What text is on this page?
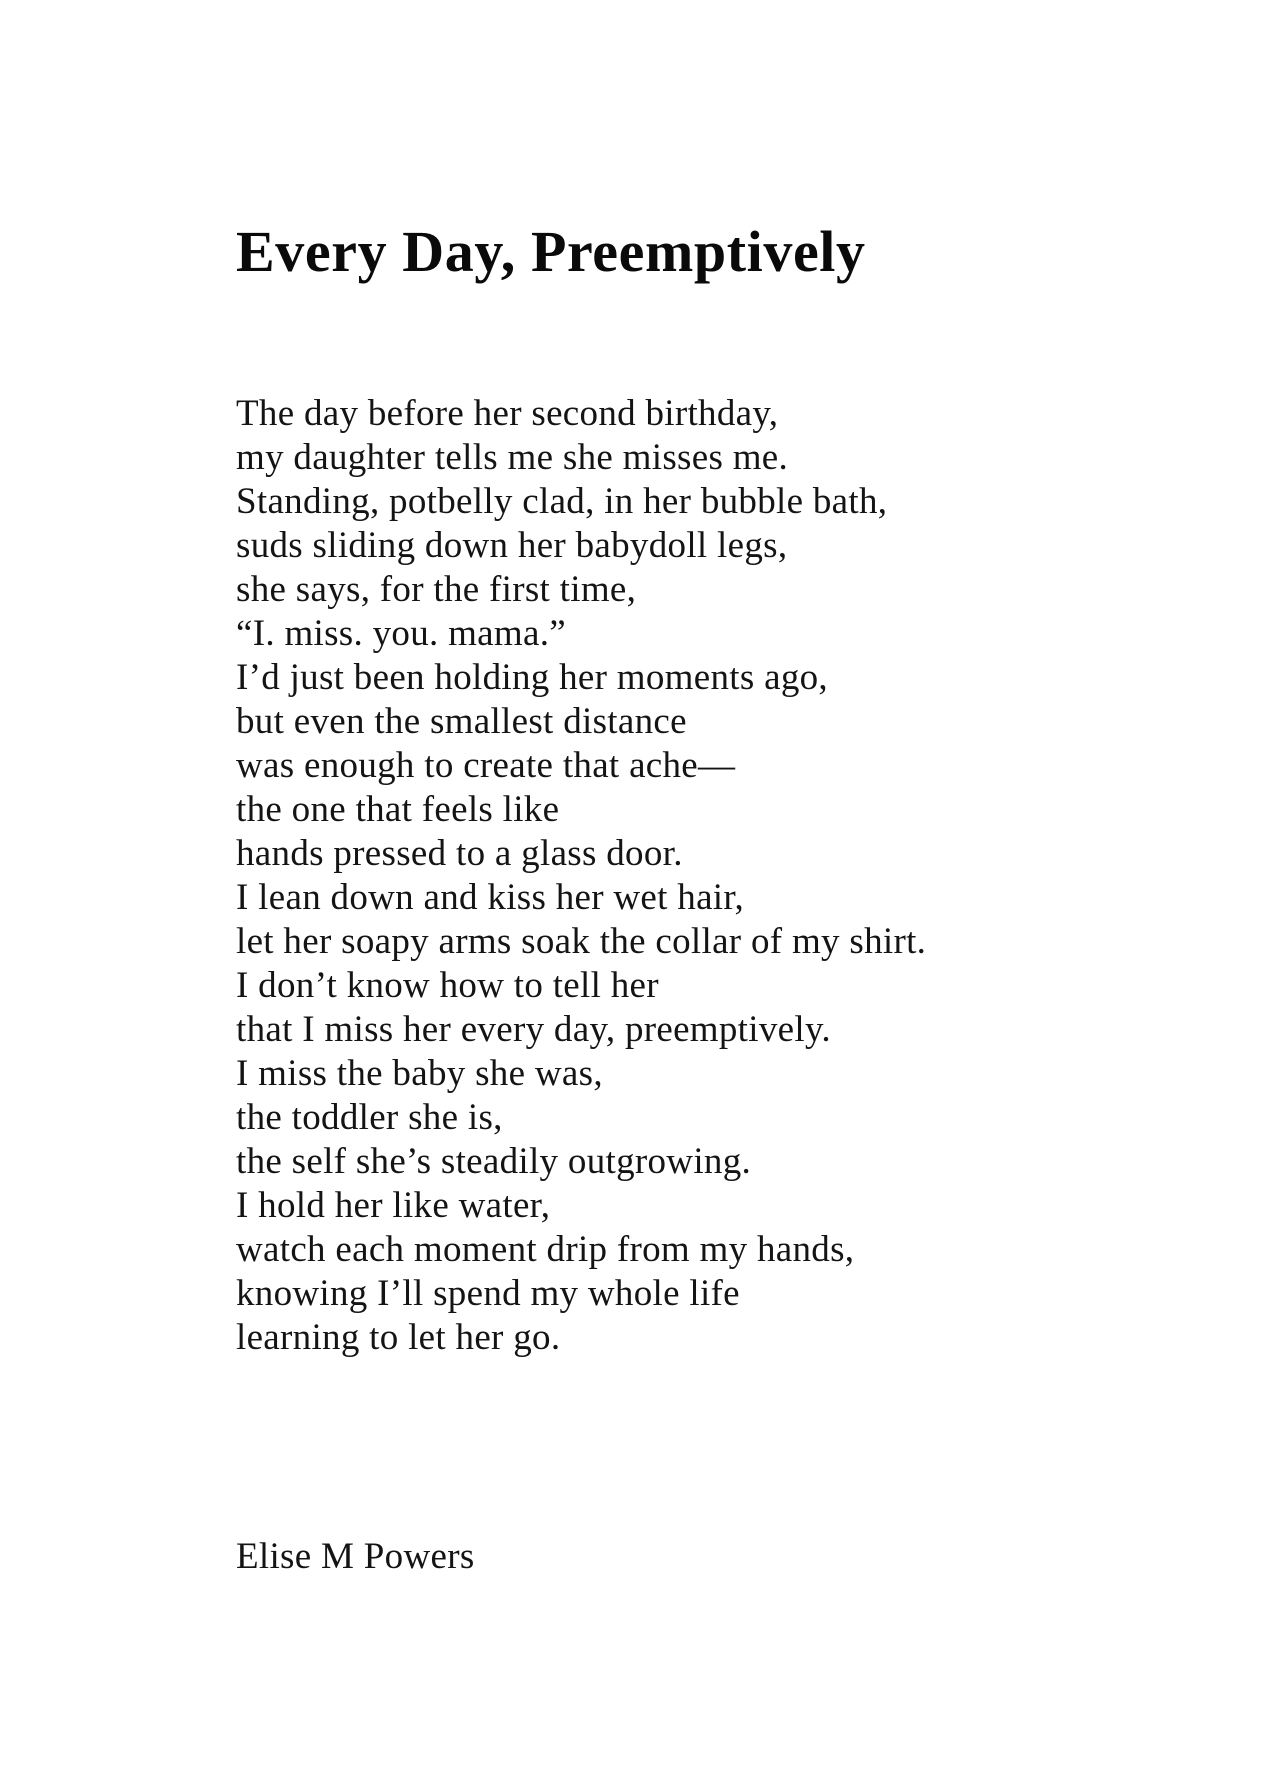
Every Day, Preemptively
The day before her second birthday,
my daughter tells me she misses me.
Standing, potbelly clad, in her bubble bath,
suds sliding down her babydoll legs,
she says, for the first time,
“I. miss. you. mama.”
I’d just been holding her moments ago,
but even the smallest distance
was enough to create that ache—
the one that feels like
hands pressed to a glass door.
I lean down and kiss her wet hair,
let her soapy arms soak the collar of my shirt.
I don’t know how to tell her
that I miss her every day, preemptively.
I miss the baby she was,
the toddler she is,
the self she’s steadily outgrowing.
I hold her like water,
watch each moment drip from my hands,
knowing I’ll spend my whole life
learning to let her go.

Elise M Powers
